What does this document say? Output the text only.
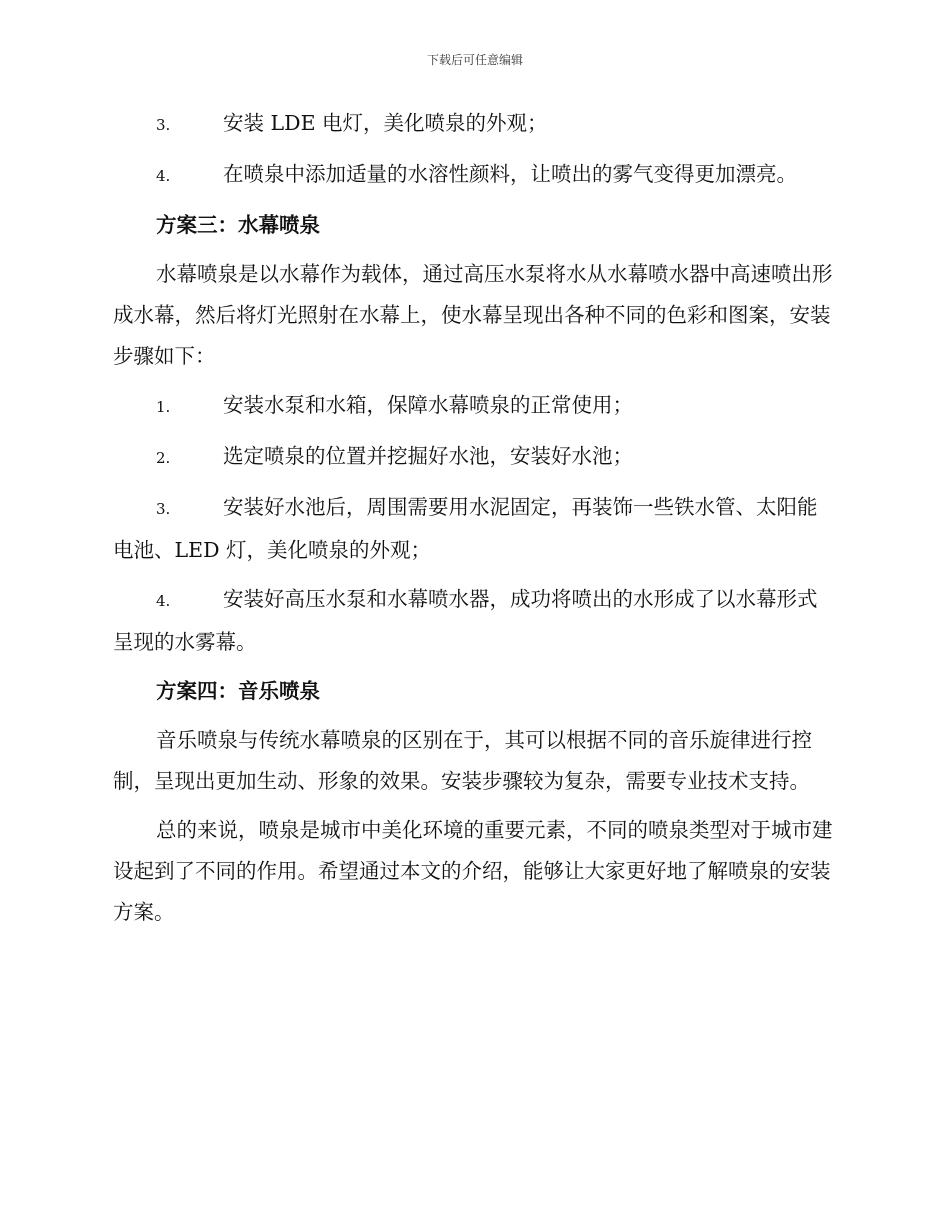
下载后可任意编辑

3.	安装 LDE 电灯，美化喷泉的外观；

4.	在喷泉中添加适量的水溶性颜料，让喷出的雾气变得更加漂亮。

方案三：水幕喷泉

水幕喷泉是以水幕作为载体，通过高压水泵将水从水幕喷水器中高速喷出形成水幕，然后将灯光照射在水幕上，使水幕呈现出各种不同的色彩和图案，安装步骤如下：

1.	安装水泵和水箱，保障水幕喷泉的正常使用；

2.	选定喷泉的位置并挖掘好水池，安装好水池；

3.	安装好水池后，周围需要用水泥固定，再装饰一些铁水管、太阳能电池、LED 灯，美化喷泉的外观；

4.	安装好高压水泵和水幕喷水器，成功将喷出的水形成了以水幕形式呈现的水雾幕。

方案四：音乐喷泉

音乐喷泉与传统水幕喷泉的区别在于，其可以根据不同的音乐旋律进行控制，呈现出更加生动、形象的效果。安装步骤较为复杂，需要专业技术支持。

总的来说，喷泉是城市中美化环境的重要元素，不同的喷泉类型对于城市建设起到了不同的作用。希望通过本文的介绍，能够让大家更好地了解喷泉的安装方案。
